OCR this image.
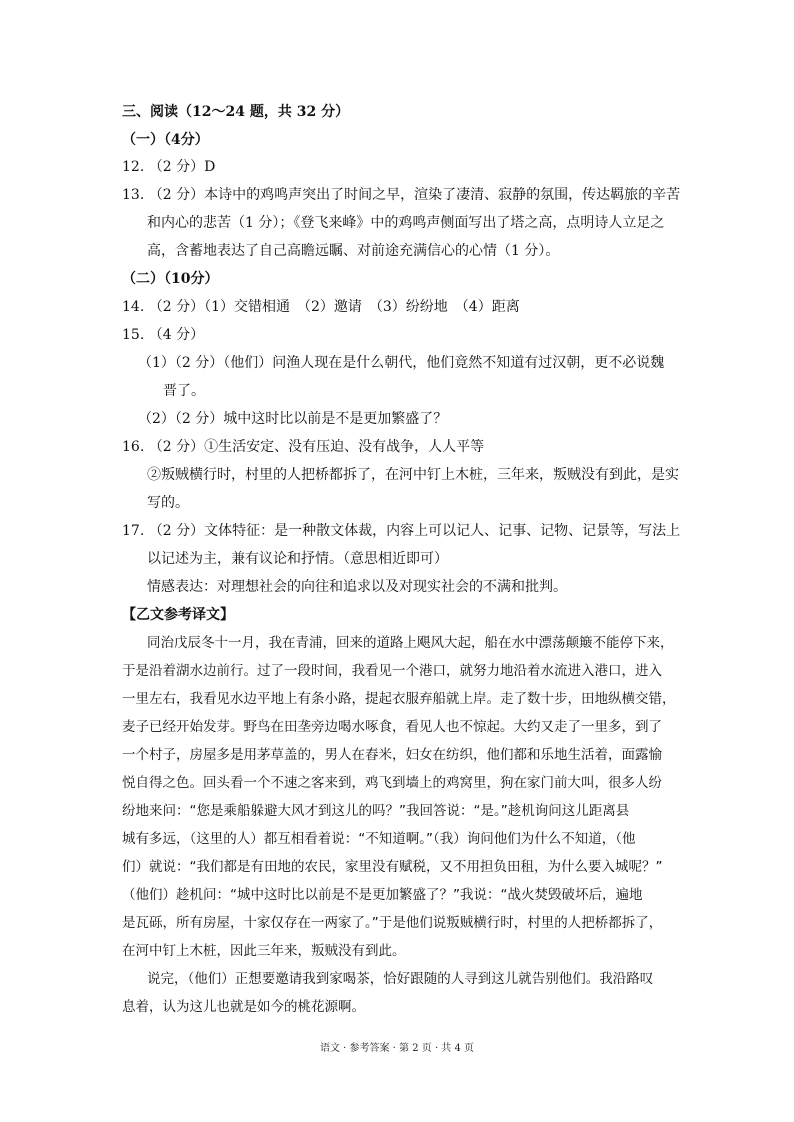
三、阅读（12～24 题，共 32 分）
（一）（4分）
12. （2 分）D
13. （2 分）本诗中的鸡鸣声突出了时间之早，渲染了凄清、寂静的氛围，传达羁旅的辛苦
和内心的悲苦（1 分）；《登飞来峰》中的鸡鸣声侧面写出了塔之高，点明诗人立足之
高，含蓄地表达了自己高瞻远瞩、对前途充满信心的心情（1 分）。
（二）（10分）
14. （2 分）（1）交错相通　（2）邀请　（3）纷纷地　（4）距离
15. （4 分）
（1）（2 分）（他们）问渔人现在是什么朝代，他们竟然不知道有过汉朝，更不必说魏
晋了。
（2）（2 分）城中这时比以前是不是更加繁盛了？
16. （2 分）①生活安定、没有压迫、没有战争，人人平等
②叛贼横行时，村里的人把桥都拆了，在河中钉上木桩，三年来，叛贼没有到此，是实
写的。
17. （2 分）文体特征：是一种散文体裁，内容上可以记人、记事、记物、记景等，写法上
以记述为主，兼有议论和抒情。（意思相近即可）
情感表达：对理想社会的向往和追求以及对现实社会的不满和批判。
【乙文参考译文】
同治戊辰冬十一月，我在青浦，回来的道路上飓风大起，船在水中漂荡颠簸不能停下来，
于是沿着湖水边前行。过了一段时间，我看见一个港口，就努力地沿着水流进入港口，进入
一里左右，我看见水边平地上有条小路，提起衣服弃船就上岸。走了数十步，田地纵横交错，
麦子已经开始发芽。野鸟在田垄旁边喝水啄食，看见人也不惊起。大约又走了一里多，到了
一个村子，房屋多是用茅草盖的，男人在舂米，妇女在纺织，他们都和乐地生活着，面露愉
悦自得之色。回头看一个不速之客来到，鸡飞到墙上的鸡窝里，狗在家门前大叫，很多人纷
纷地来问：“您是乘船躲避大风才到这儿的吗？”我回答说：“是。”趁机询问这儿距离县
城有多远，（这里的人）都互相看着说：“不知道啊。”（我）询问他们为什么不知道，（他
们）就说：“我们都是有田地的农民，家里没有赋税，又不用担负田租，为什么要入城呢？”
（他们）趁机问：“城中这时比以前是不是更加繁盛了？”我说：“战火焚毁破坏后，遍地
是瓦砾，所有房屋，十家仅存在一两家了。”于是他们说叛贼横行时，村里的人把桥都拆了，
在河中钉上木桩，因此三年来，叛贼没有到此。
说完，（他们）正想要邀请我到家喝茶，恰好跟随的人寻到这儿就告别他们。我沿路叹
息着，认为这儿也就是如今的桃花源啊。
语文 · 参考答案 · 第 2 页 · 共 4 页
